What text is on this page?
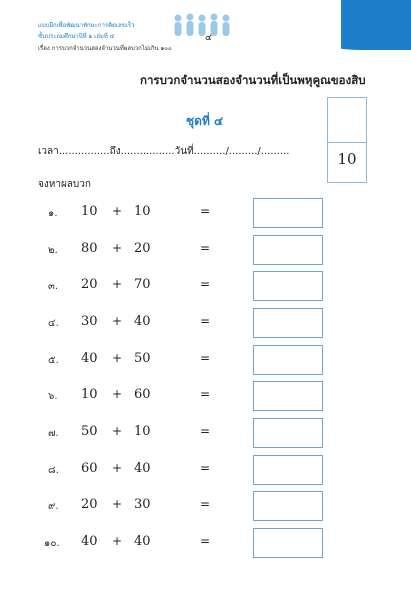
แบบฝึกเพื่อพัฒนาทักษะการคิดเลขเร็ว
ชั้นประถมศึกษาปีที่ ๑ เล่มที่ ๔
เรื่อง การบวกจำนวนสองจำนวนที่ผลบวกไม่เกิน ๑๐๐
๔
การบวกจำนวนสองจำนวนที่เป็นพหุคูณของสิบ
ชุดที่ ๔
เวลา................ถึง.................วันที่........../........./.........	10
จงหาผลบวก
๑. 10 + 10	=
๒. 80 + 20	=
๓. 20 + 70	=
๔. 30 + 40	=
๕. 40 + 50	=
๖. 10 + 60	=
๗. 50 + 10	=
๘. 60 + 40	=
๙. 20 + 30	=
๑๐. 40 + 40	=
